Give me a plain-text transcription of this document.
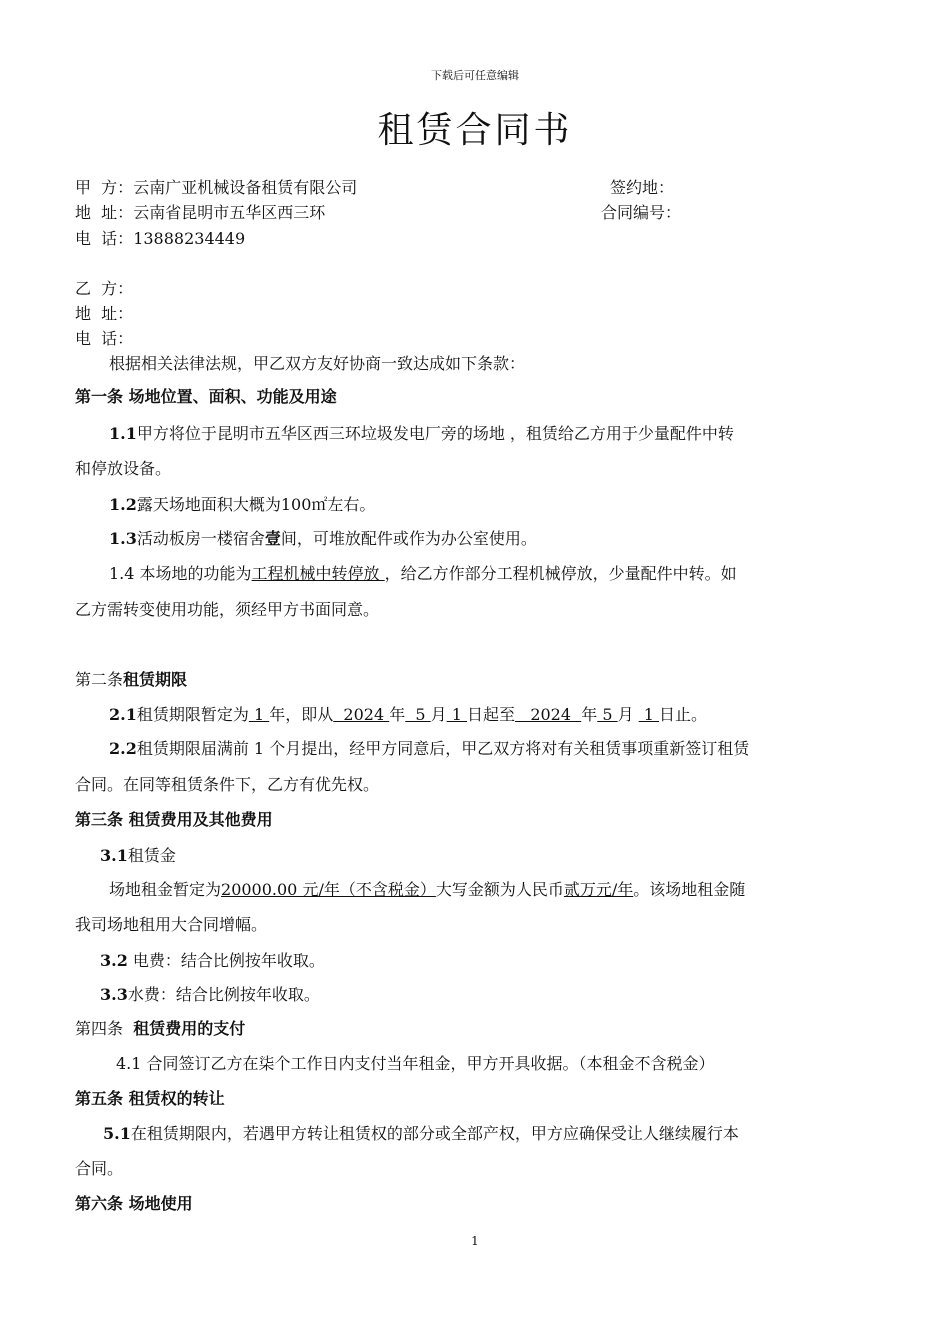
下载后可任意编辑
租赁合同书
甲  方：云南广亚机械设备租赁有限公司	签约地：
地  址：云南省昆明市五华区西三环	合同编号：
电  话：13888234449
乙  方：
地  址：
电  话：
根据相关法律法规，甲乙双方友好协商一致达成如下条款：
第一条 场地位置、面积、功能及用途
1.1甲方将位于昆明市五华区西三环垃圾发电厂旁的场地 ，租赁给乙方用于少量配件中转
和停放设备。
1.2露天场地面积大概为100㎡左右。
1.3活动板房一楼宿舍壹间，可堆放配件或作为办公室使用。
1.4 本场地的功能为工程机械中转停放 ，给乙方作部分工程机械停放，少量配件中转。如
乙方需转变使用功能，须经甲方书面同意。
第二条租赁期限
2.1租赁期限暂定为 1 年，即从  2024 年  5 月 1 日起至   2024  年 5 月  1 日止。
2.2租赁期限届满前 1 个月提出，经甲方同意后，甲乙双方将对有关租赁事项重新签订租赁
合同。在同等租赁条件下，乙方有优先权。
第三条 租赁费用及其他费用
3.1租赁金
场地租金暂定为20000.00 元/年（不含税金）大写金额为人民币贰万元/年。该场地租金随
我司场地租用大合同增幅。
3.2 电费：结合比例按年收取。
3.3水费：结合比例按年收取。
第四条  租赁费用的支付
4.1 合同签订乙方在柒个工作日内支付当年租金，甲方开具收据。（本租金不含税金）
第五条 租赁权的转让
5.1在租赁期限内，若遇甲方转让租赁权的部分或全部产权，甲方应确保受让人继续履行本
合同。
第六条 场地使用
1
